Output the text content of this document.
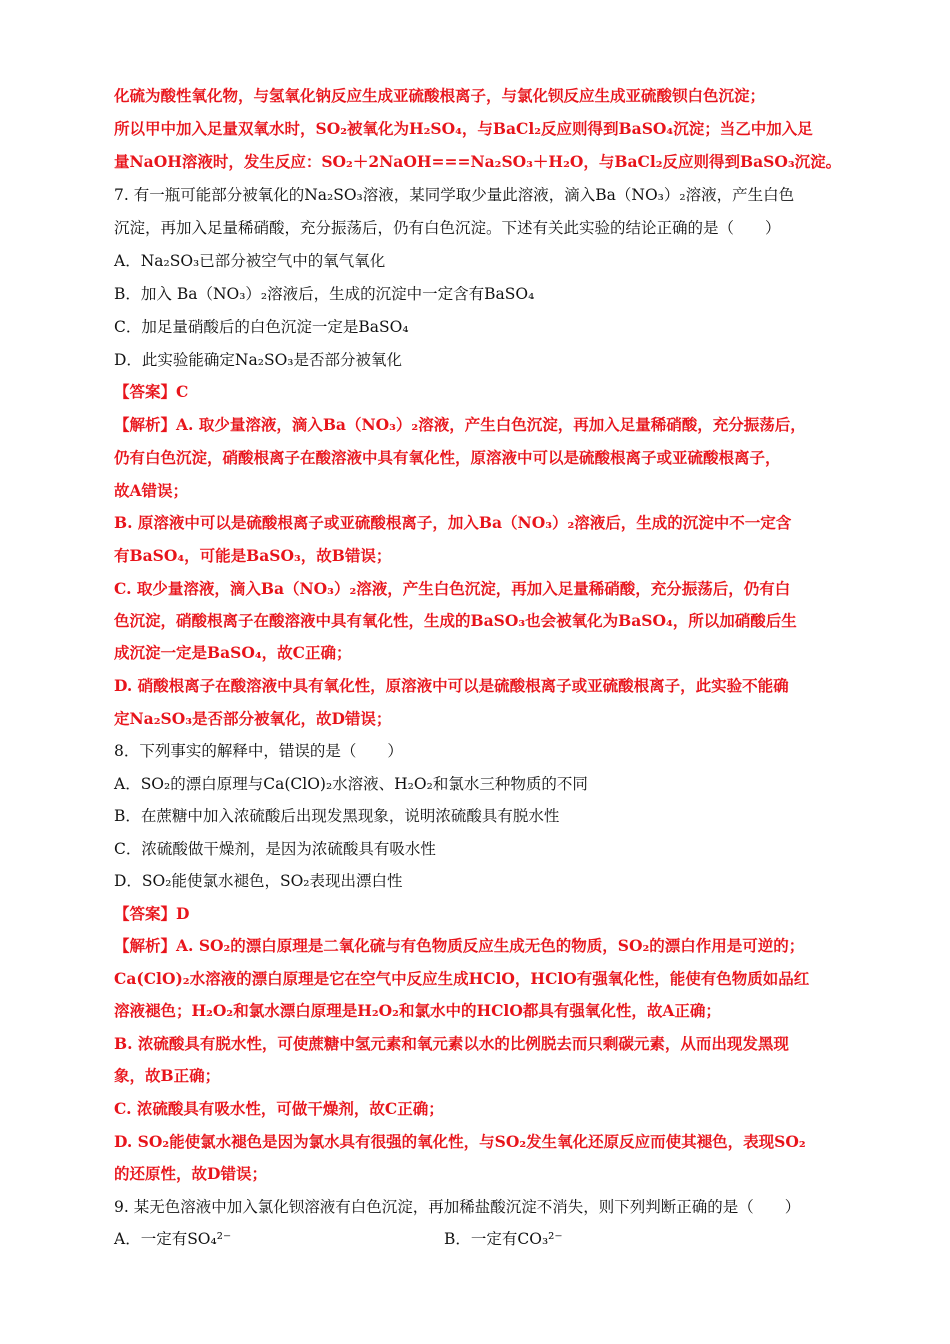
化硫为酸性氧化物，与氢氧化钠反应生成亚硫酸根离子，与氯化钡反应生成亚硫酸钡白色沉淀；
所以甲中加入足量双氧水时，SO₂被氧化为H₂SO₄，与BaCl₂反应则得到BaSO₄沉淀；当乙中加入足
量NaOH溶液时，发生反应：SO₂＋2NaOH===Na₂SO₃＋H₂O，与BaCl₂反应则得到BaSO₃沉淀。
7. 有一瓶可能部分被氧化的Na₂SO₃溶液，某同学取少量此溶液，滴入Ba（NO₃）₂溶液，产生白色
沉淀，再加入足量稀硝酸，充分振荡后，仍有白色沉淀。下述有关此实验的结论正确的是（　　）
A．Na₂SO₃已部分被空气中的氧气氧化
B．加入 Ba（NO₃）₂溶液后，生成的沉淀中一定含有BaSO₄
C．加足量硝酸后的白色沉淀一定是BaSO₄
D．此实验能确定Na₂SO₃是否部分被氧化
【答案】C
【解析】A. 取少量溶液，滴入Ba（NO₃）₂溶液，产生白色沉淀，再加入足量稀硝酸，充分振荡后，
仍有白色沉淀，硝酸根离子在酸溶液中具有氧化性，原溶液中可以是硫酸根离子或亚硫酸根离子，
故A错误；
B. 原溶液中可以是硫酸根离子或亚硫酸根离子，加入Ba（NO₃）₂溶液后，生成的沉淀中不一定含
有BaSO₄，可能是BaSO₃，故B错误；
C. 取少量溶液，滴入Ba（NO₃）₂溶液，产生白色沉淀，再加入足量稀硝酸，充分振荡后，仍有白
色沉淀，硝酸根离子在酸溶液中具有氧化性，生成的BaSO₃也会被氧化为BaSO₄，所以加硝酸后生
成沉淀一定是BaSO₄，故C正确；
D. 硝酸根离子在酸溶液中具有氧化性，原溶液中可以是硫酸根离子或亚硫酸根离子，此实验不能确
定Na₂SO₃是否部分被氧化，故D错误；
8．下列事实的解释中，错误的是（　　）
A．SO₂的漂白原理与Ca(ClO)₂水溶液、H₂O₂和氯水三种物质的不同
B．在蔗糖中加入浓硫酸后出现发黑现象，说明浓硫酸具有脱水性
C．浓硫酸做干燥剂，是因为浓硫酸具有吸水性
D．SO₂能使氯水褪色，SO₂表现出漂白性
【答案】D
【解析】A. SO₂的漂白原理是二氧化硫与有色物质反应生成无色的物质，SO₂的漂白作用是可逆的；
Ca(ClO)₂水溶液的漂白原理是它在空气中反应生成HClO，HClO有强氧化性，能使有色物质如品红
溶液褪色；H₂O₂和氯水漂白原理是H₂O₂和氯水中的HClO都具有强氧化性，故A正确；
B. 浓硫酸具有脱水性，可使蔗糖中氢元素和氧元素以水的比例脱去而只剩碳元素，从而出现发黑现
象，故B正确；
C. 浓硫酸具有吸水性，可做干燥剂，故C正确；
D. SO₂能使氯水褪色是因为氯水具有很强的氧化性，与SO₂发生氧化还原反应而使其褪色，表现SO₂
的还原性，故D错误；
9. 某无色溶液中加入氯化钡溶液有白色沉淀，再加稀盐酸沉淀不消失，则下列判断正确的是（　　）
A．一定有SO₄²⁻	B．一定有CO₃²⁻
